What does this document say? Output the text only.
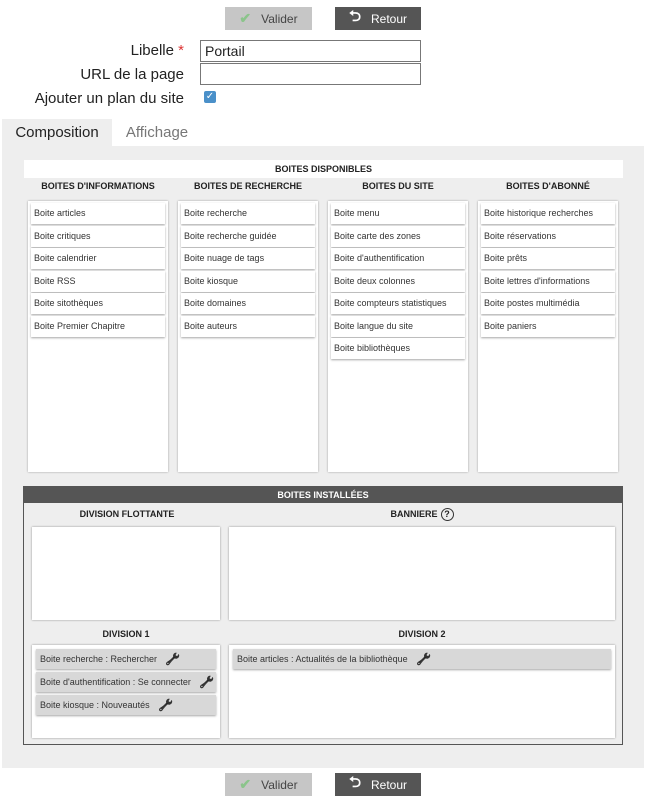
✔ Valider	⮌ Retour
Libelle *
Portail
URL de la page
Ajouter un plan du site ✓
Composition	Affichage
BOITES DISPONIBLES
BOITES D'INFORMATIONS	BOITES DE RECHERCHE	BOITES DU SITE	BOITES D'ABONNÉ
Boite articles
Boite critiques
Boite calendrier
Boite RSS
Boite sitothèques
Boite Premier Chapitre
Boite recherche
Boite recherche guidée
Boite nuage de tags
Boite kiosque
Boite domaines
Boite auteurs
Boite menu
Boite carte des zones
Boite d'authentification
Boite deux colonnes
Boite compteurs statistiques
Boite langue du site
Boite bibliothèques
Boite historique recherches
Boite réservations
Boite prêts
Boite lettres d'informations
Boite postes multimédia
Boite paniers
BOITES INSTALLÉES
DIVISION FLOTTANTE	BANNIERE ?
DIVISION 1	DIVISION 2
Boite recherche : Rechercher 🔧
Boite d'authentification : Se connecter 🔧
Boite kiosque : Nouveautés 🔧
Boite articles : Actualités de la bibliothèque 🔧
✔ Valider	⮌ Retour
